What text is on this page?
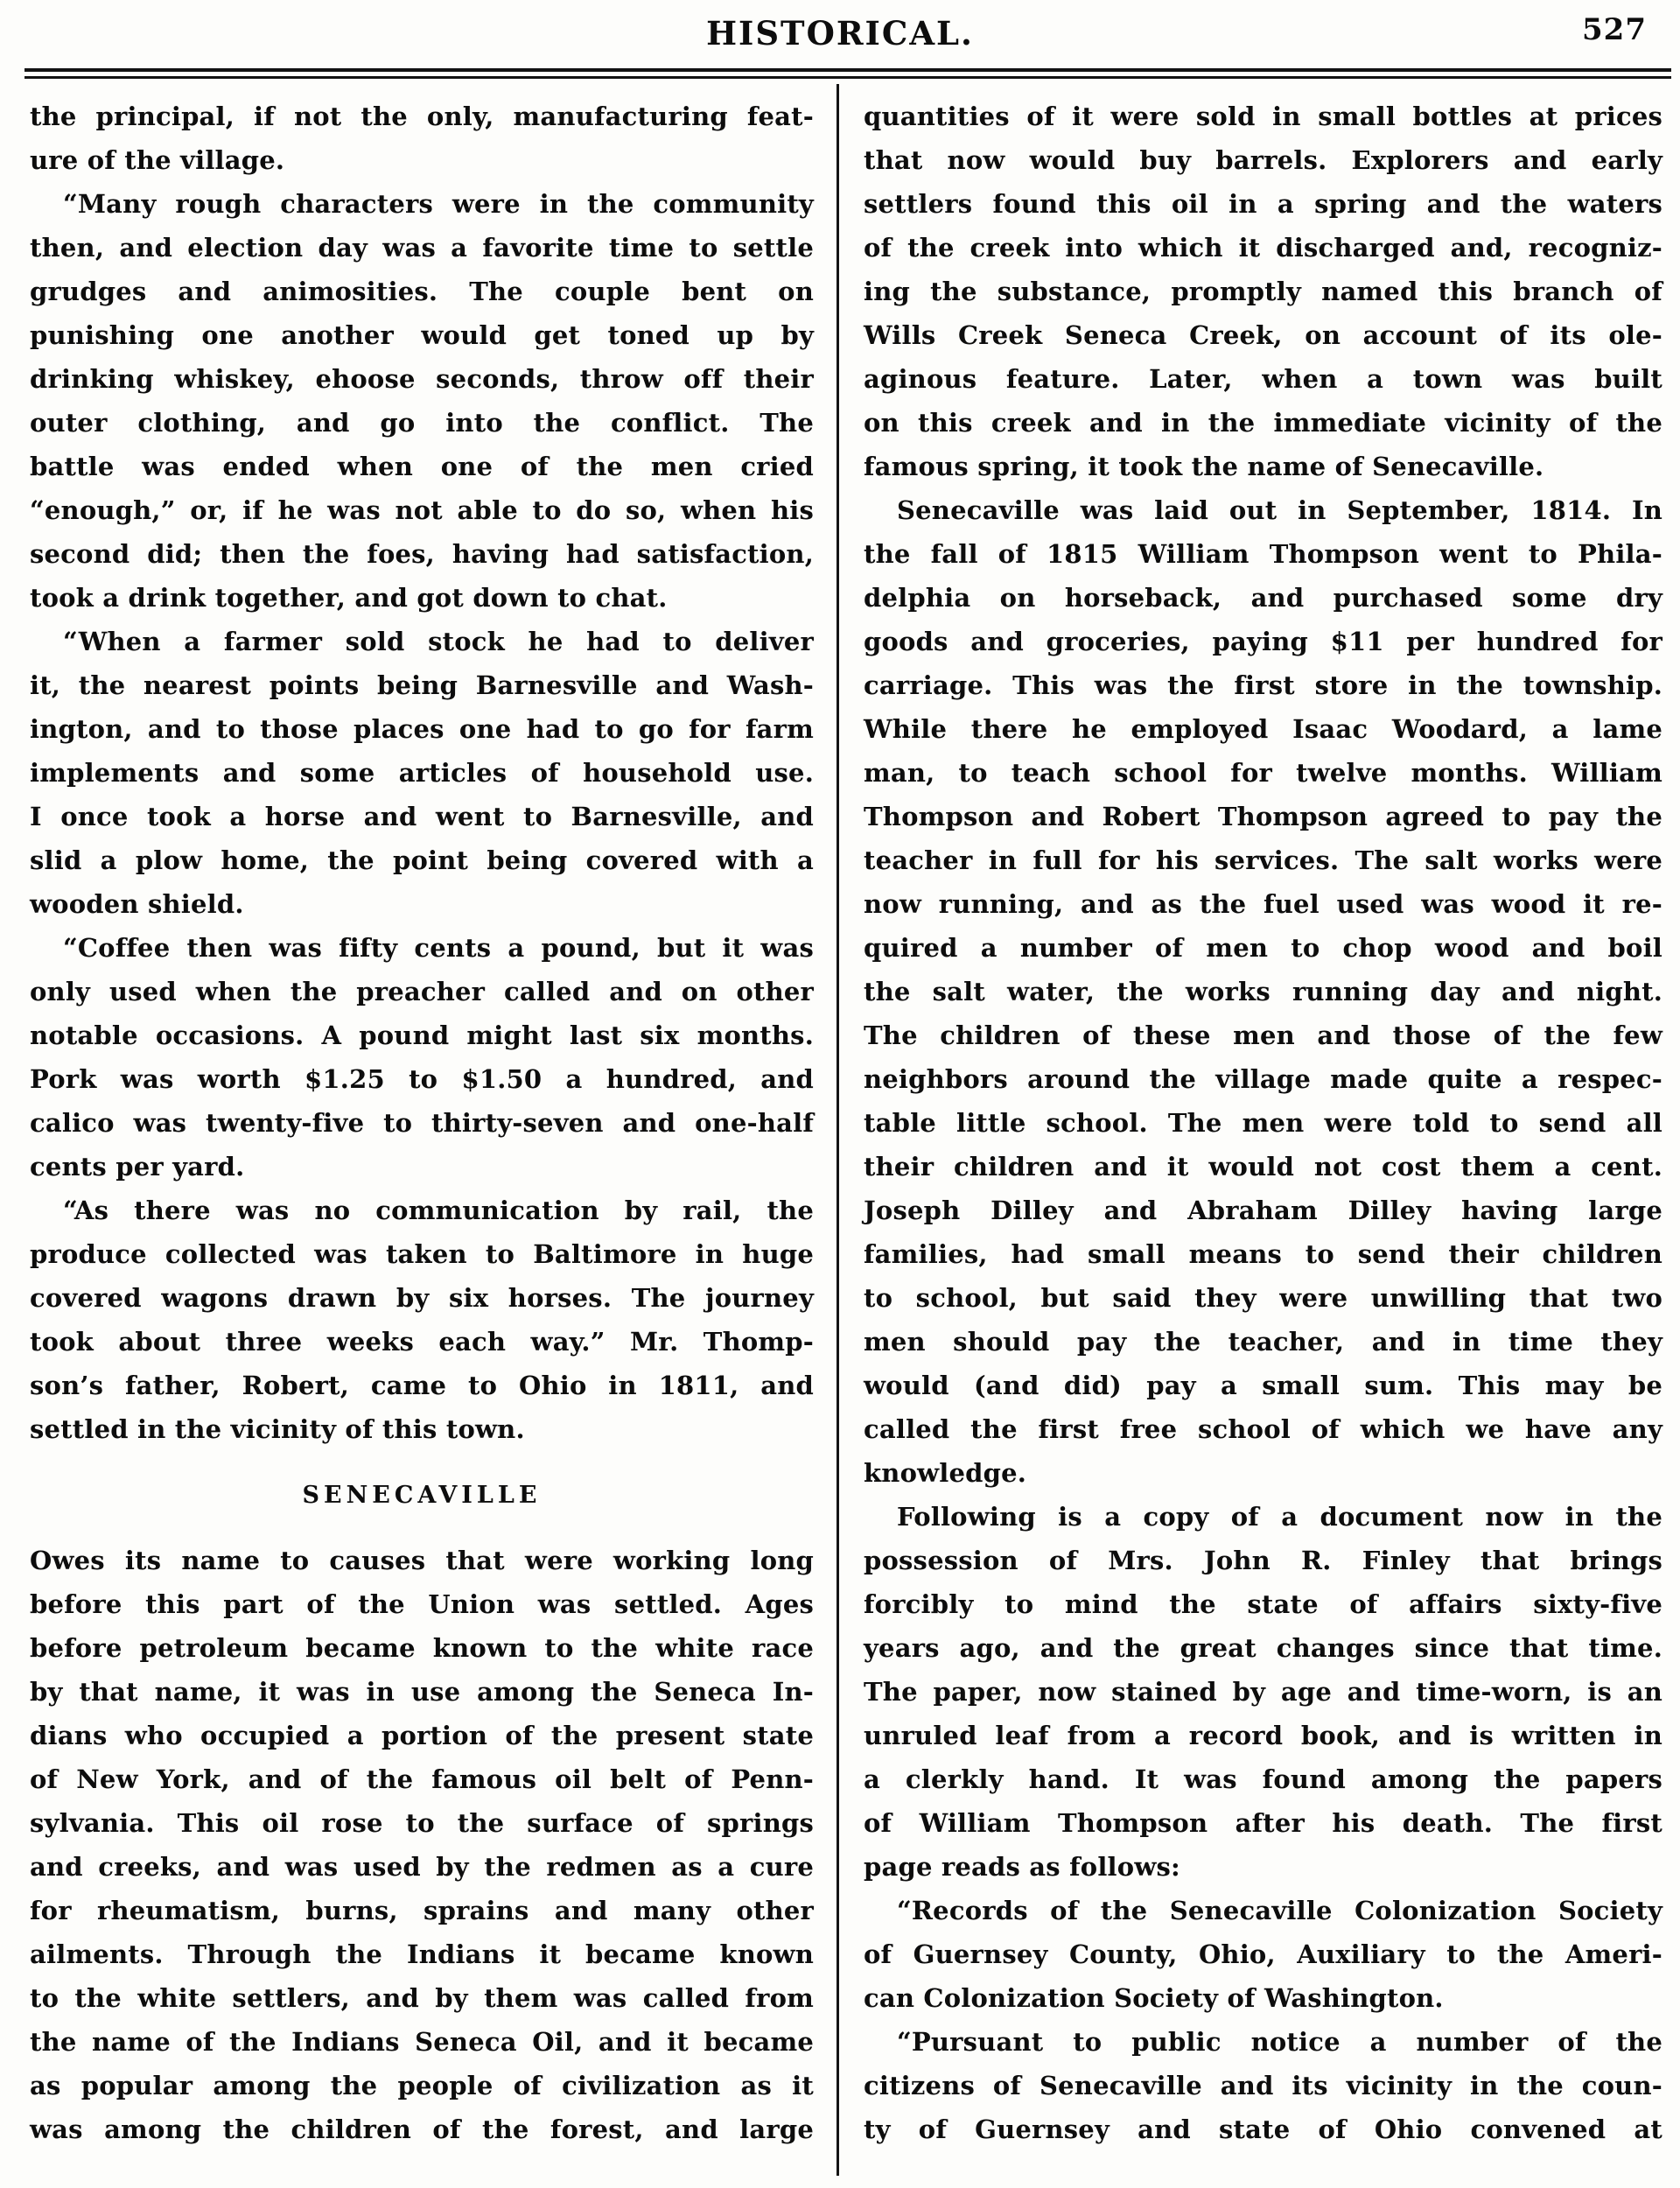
HISTORICAL.	527
the principal, if not the only, manufacturing feat-
ure of the village.
“Many rough characters were in the community
then, and election day was a favorite time to settle
grudges and animosities. The couple bent on
punishing one another would get toned up by
drinking whiskey, ehoose seconds, throw off their
outer clothing, and go into the conflict. The
battle was ended when one of the men cried
“enough,” or, if he was not able to do so, when his
second did; then the foes, having had satisfaction,
took a drink together, and got down to chat.
“When a farmer sold stock he had to deliver
it, the nearest points being Barnesville and Wash-
ington, and to those places one had to go for farm
implements and some articles of household use.
I once took a horse and went to Barnesville, and
slid a plow home, the point being covered with a
wooden shield.
“Coffee then was fifty cents a pound, but it was
only used when the preacher called and on other
notable occasions. A pound might last six months.
Pork was worth $1.25 to $1.50 a hundred, and
calico was twenty-five to thirty-seven and one-half
cents per yard.
“As there was no communication by rail, the
produce collected was taken to Baltimore in huge
covered wagons drawn by six horses. The journey
took about three weeks each way.” Mr. Thomp-
son’s father, Robert, came to Ohio in 1811, and
settled in the vicinity of this town.
SENECAVILLE
Owes its name to causes that were working long
before this part of the Union was settled. Ages
before petroleum became known to the white race
by that name, it was in use among the Seneca In-
dians who occupied a portion of the present state
of New York, and of the famous oil belt of Penn-
sylvania. This oil rose to the surface of springs
and creeks, and was used by the redmen as a cure
for rheumatism, burns, sprains and many other
ailments. Through the Indians it became known
to the white settlers, and by them was called from
the name of the Indians Seneca Oil, and it became
as popular among the people of civilization as it
was among the children of the forest, and large
quantities of it were sold in small bottles at prices
that now would buy barrels. Explorers and early
settlers found this oil in a spring and the waters
of the creek into which it discharged and, recogniz-
ing the substance, promptly named this branch of
Wills Creek Seneca Creek, on account of its ole-
aginous feature. Later, when a town was built
on this creek and in the immediate vicinity of the
famous spring, it took the name of Senecaville.
Senecaville was laid out in September, 1814. In
the fall of 1815 William Thompson went to Phila-
delphia on horseback, and purchased some dry
goods and groceries, paying $11 per hundred for
carriage. This was the first store in the township.
While there he employed Isaac Woodard, a lame
man, to teach school for twelve months. William
Thompson and Robert Thompson agreed to pay the
teacher in full for his services. The salt works were
now running, and as the fuel used was wood it re-
quired a number of men to chop wood and boil
the salt water, the works running day and night.
The children of these men and those of the few
neighbors around the village made quite a respec-
table little school. The men were told to send all
their children and it would not cost them a cent.
Joseph Dilley and Abraham Dilley having large
families, had small means to send their children
to school, but said they were unwilling that two
men should pay the teacher, and in time they
would (and did) pay a small sum. This may be
called the first free school of which we have any
knowledge.
Following is a copy of a document now in the
possession of Mrs. John R. Finley that brings
forcibly to mind the state of affairs sixty-five
years ago, and the great changes since that time.
The paper, now stained by age and time-worn, is an
unruled leaf from a record book, and is written in
a clerkly hand. It was found among the papers
of William Thompson after his death. The first
page reads as follows:
“Records of the Senecaville Colonization Society
of Guernsey County, Ohio, Auxiliary to the Ameri-
can Colonization Society of Washington.
“Pursuant to public notice a number of the
citizens of Senecaville and its vicinity in the coun-
ty of Guernsey and state of Ohio convened at
